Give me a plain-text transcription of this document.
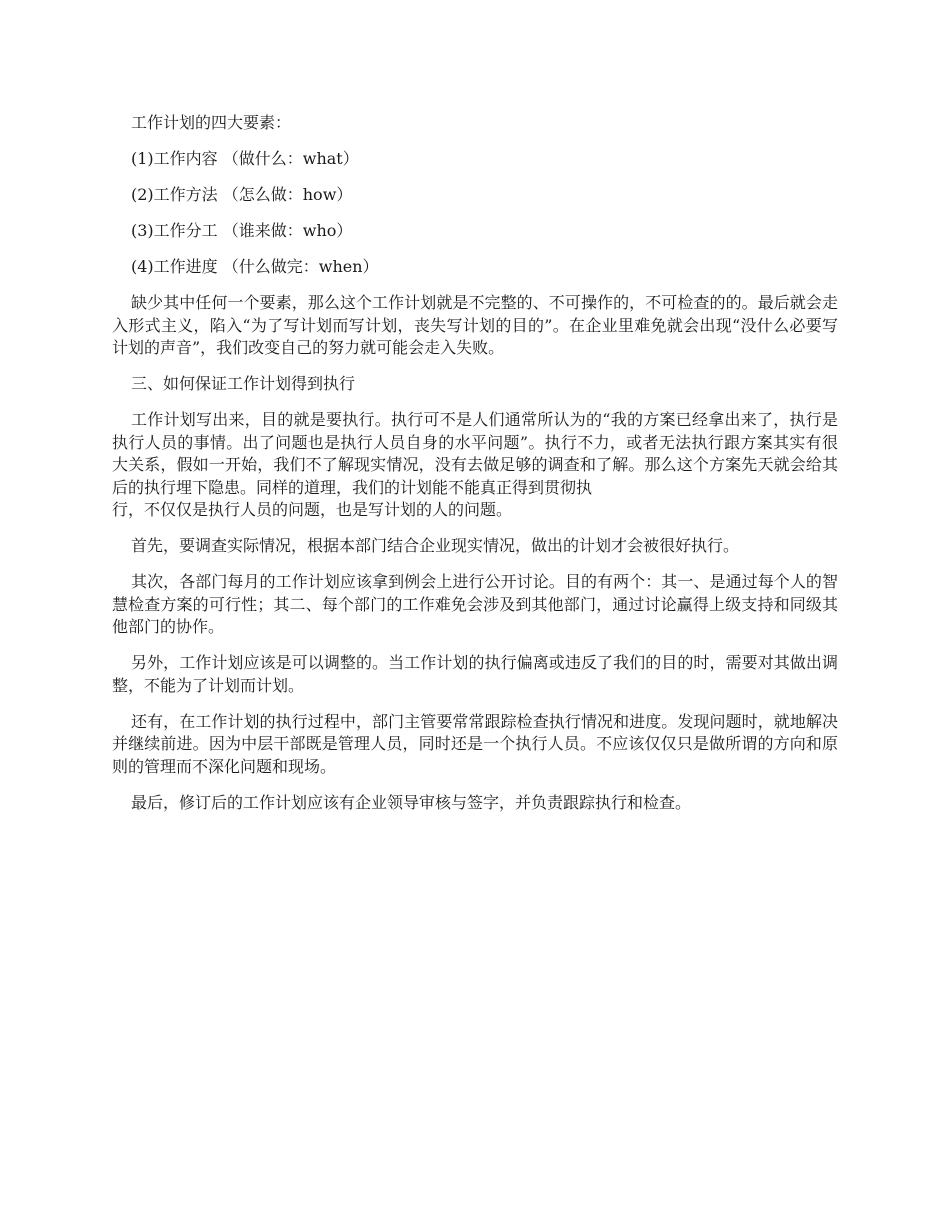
工作计划的四大要素：

(1)工作内容 （做什么：what）

(2)工作方法 （怎么做：how）

(3)工作分工 （谁来做：who）

(4)工作进度 （什么做完：when）

缺少其中任何一个要素，那么这个工作计划就是不完整的、不可操作的，不可检查的的。最后就会走入形式主义，陷入“为了写计划而写计划，丧失写计划的目的”。在企业里难免就会出现“没什么必要写计划的声音”，我们改变自己的努力就可能会走入失败。

三、如何保证工作计划得到执行

工作计划写出来，目的就是要执行。执行可不是人们通常所认为的“我的方案已经拿出来了，执行是执行人员的事情。出了问题也是执行人员自身的水平问题”。执行不力，或者无法执行跟方案其实有很大关系，假如一开始，我们不了解现实情况，没有去做足够的调查和了解。那么这个方案先天就会给其后的执行埋下隐患。同样的道理，我们的计划能不能真正得到贯彻执
行，不仅仅是执行人员的问题，也是写计划的人的问题。

首先，要调查实际情况，根据本部门结合企业现实情况，做出的计划才会被很好执行。

其次，各部门每月的工作计划应该拿到例会上进行公开讨论。目的有两个：其一、是通过每个人的智慧检查方案的可行性；其二、每个部门的工作难免会涉及到其他部门，通过讨论赢得上级支持和同级其他部门的协作。

另外，工作计划应该是可以调整的。当工作计划的执行偏离或违反了我们的目的时，需要对其做出调整，不能为了计划而计划。

还有，在工作计划的执行过程中，部门主管要常常跟踪检查执行情况和进度。发现问题时，就地解决并继续前进。因为中层干部既是管理人员，同时还是一个执行人员。不应该仅仅只是做所谓的方向和原则的管理而不深化问题和现场。

最后，修订后的工作计划应该有企业领导审核与签字，并负责跟踪执行和检查。
